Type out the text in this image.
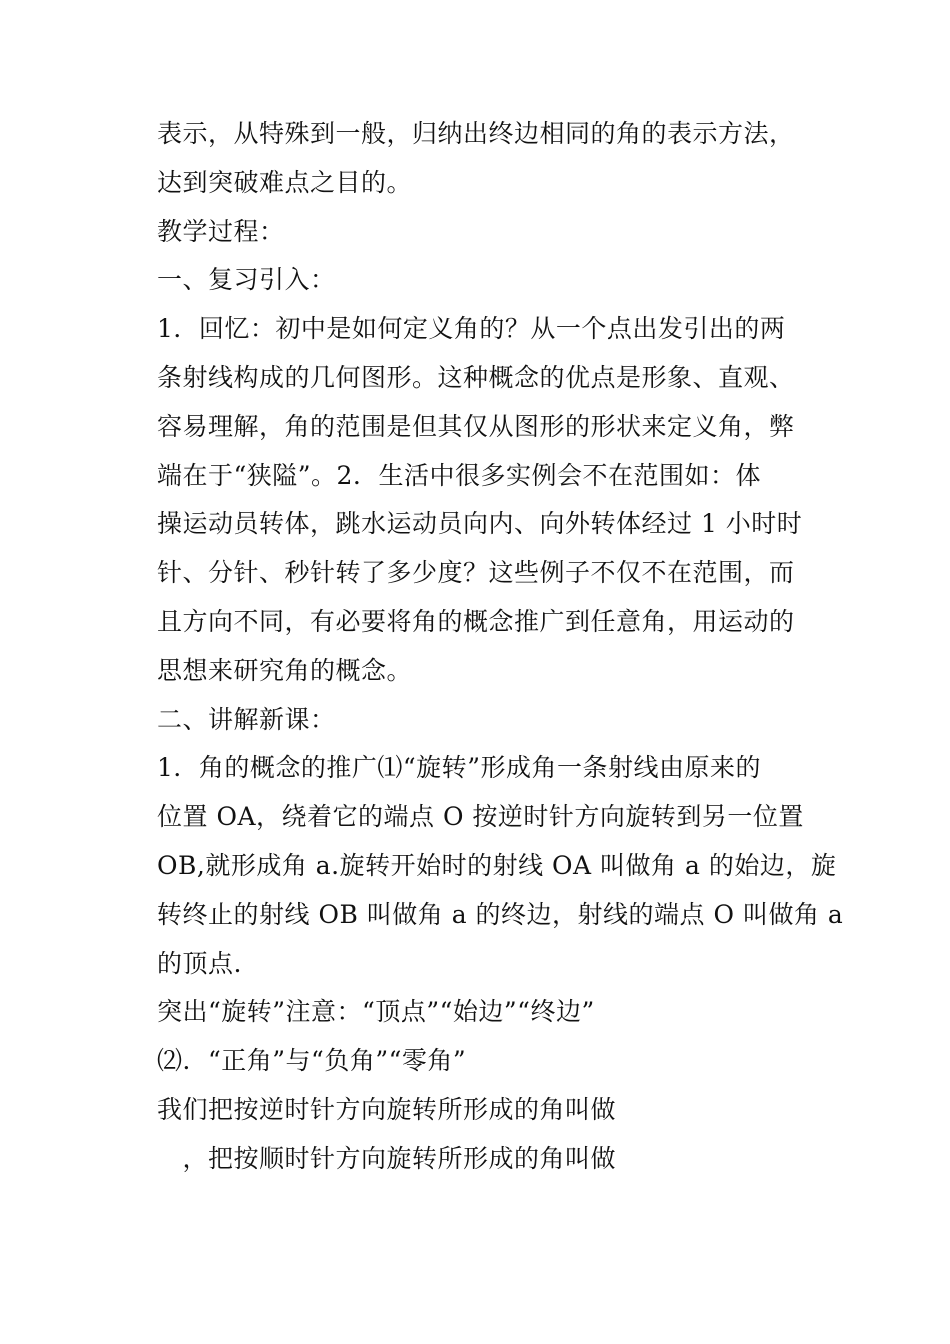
表示，从特殊到一般，归纳出终边相同的角的表示方法，
达到突破难点之目的。
教学过程：
一、复习引入：
1．回忆：初中是如何定义角的？从一个点出发引出的两
条射线构成的几何图形。这种概念的优点是形象、直观、
容易理解，角的范围是但其仅从图形的形状来定义角，弊
端在于“狭隘”。2．生活中很多实例会不在范围如：体
操运动员转体，跳水运动员向内、向外转体经过 1 小时时
针、分针、秒针转了多少度？这些例子不仅不在范围，而
且方向不同，有必要将角的概念推广到任意角，用运动的
思想来研究角的概念。
二、讲解新课：
1．角的概念的推广⑴“旋转”形成角一条射线由原来的
位置 OA，绕着它的端点 O 按逆时针方向旋转到另一位置
OB,就形成角 a.旋转开始时的射线 OA 叫做角 a 的始边，旋
转终止的射线 OB 叫做角 a 的终边，射线的端点 O 叫做角 a
的顶点.
突出“旋转”注意：“顶点”“始边”“终边”
⑵．“正角”与“负角”“零角”
我们把按逆时针方向旋转所形成的角叫做
　，把按顺时针方向旋转所形成的角叫做
